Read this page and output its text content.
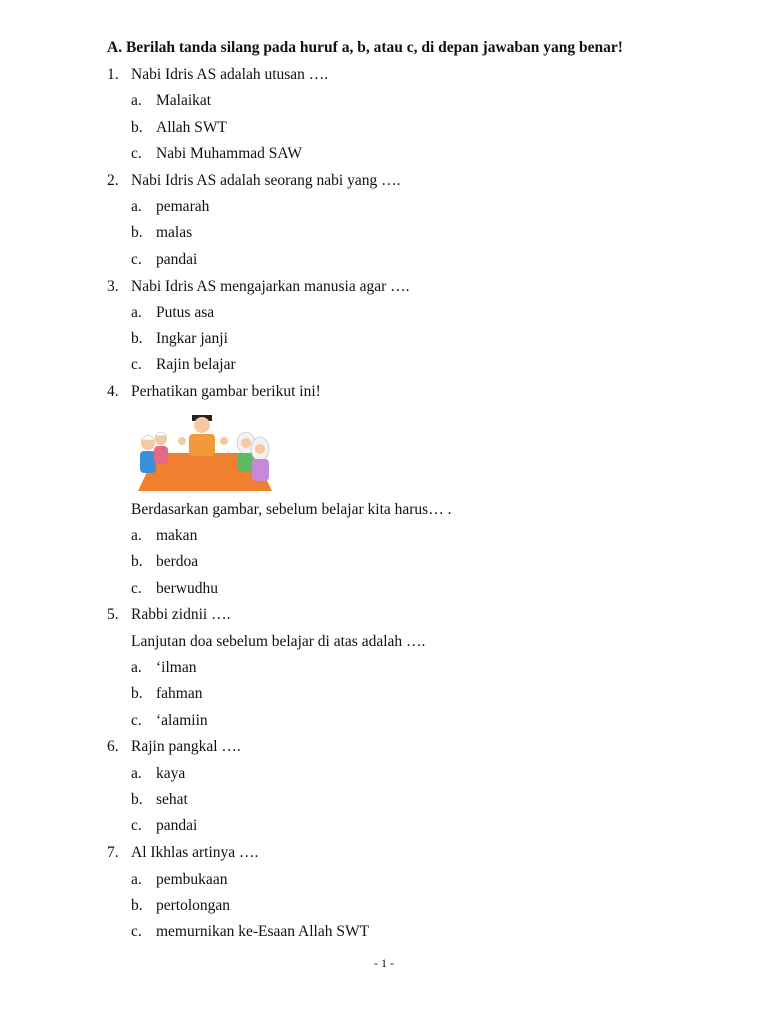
A. Berilah tanda silang pada huruf a, b, atau c, di depan jawaban yang benar!
1. Nabi Idris AS adalah utusan ….
a. Malaikat
b. Allah SWT
c. Nabi Muhammad SAW
2. Nabi Idris AS adalah seorang nabi yang ….
a. pemarah
b. malas
c. pandai
3. Nabi Idris AS mengajarkan manusia agar ….
a. Putus asa
b. Ingkar janji
c. Rajin belajar
4. Perhatikan gambar berikut ini!
Berdasarkan gambar, sebelum belajar kita harus… .
a. makan
b. berdoa
c. berwudhu
5. Rabbi zidnii ….
Lanjutan doa sebelum belajar di atas adalah ….
a. ‘ilman
b. fahman
c. ‘alamiin
6. Rajin pangkal ….
a. kaya
b. sehat
c. pandai
7. Al Ikhlas artinya ….
a. pembukaan
b. pertolongan
c. memurnikan ke-Esaan Allah SWT
- 1 -
